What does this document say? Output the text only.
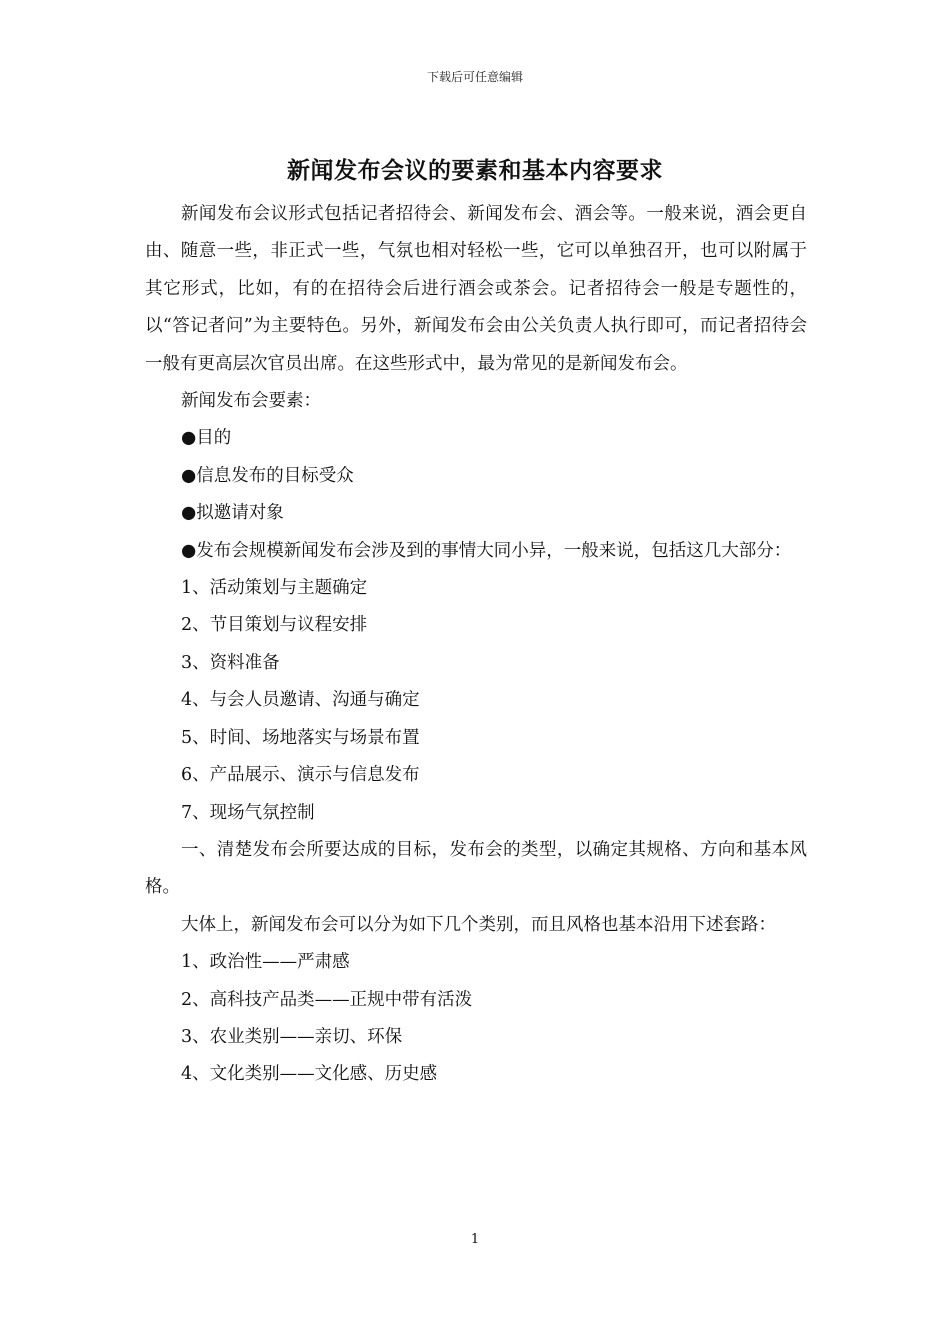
下载后可任意编辑
新闻发布会议的要素和基本内容要求

新闻发布会议形式包括记者招待会、新闻发布会、酒会等。一般来说，酒会更自由、随意一些，非正式一些，气氛也相对轻松一些，它可以单独召开，也可以附属于其它形式，比如，有的在招待会后进行酒会或茶会。记者招待会一般是专题性的，以“答记者问”为主要特色。另外，新闻发布会由公关负责人执行即可，而记者招待会一般有更高层次官员出席。在这些形式中，最为常见的是新闻发布会。

新闻发布会要素：

●目的

●信息发布的目标受众

●拟邀请对象

●发布会规模新闻发布会涉及到的事情大同小异，一般来说，包括这几大部分：

1、活动策划与主题确定

2、节目策划与议程安排

3、资料准备

4、与会人员邀请、沟通与确定

5、时间、场地落实与场景布置

6、产品展示、演示与信息发布

7、现场气氛控制

一、清楚发布会所要达成的目标，发布会的类型，以确定其规格、方向和基本风格。

大体上，新闻发布会可以分为如下几个类别，而且风格也基本沿用下述套路：

1、政治性——严肃感

2、高科技产品类——正规中带有活泼

3、农业类别——亲切、环保

4、文化类别——文化感、历史感

1
